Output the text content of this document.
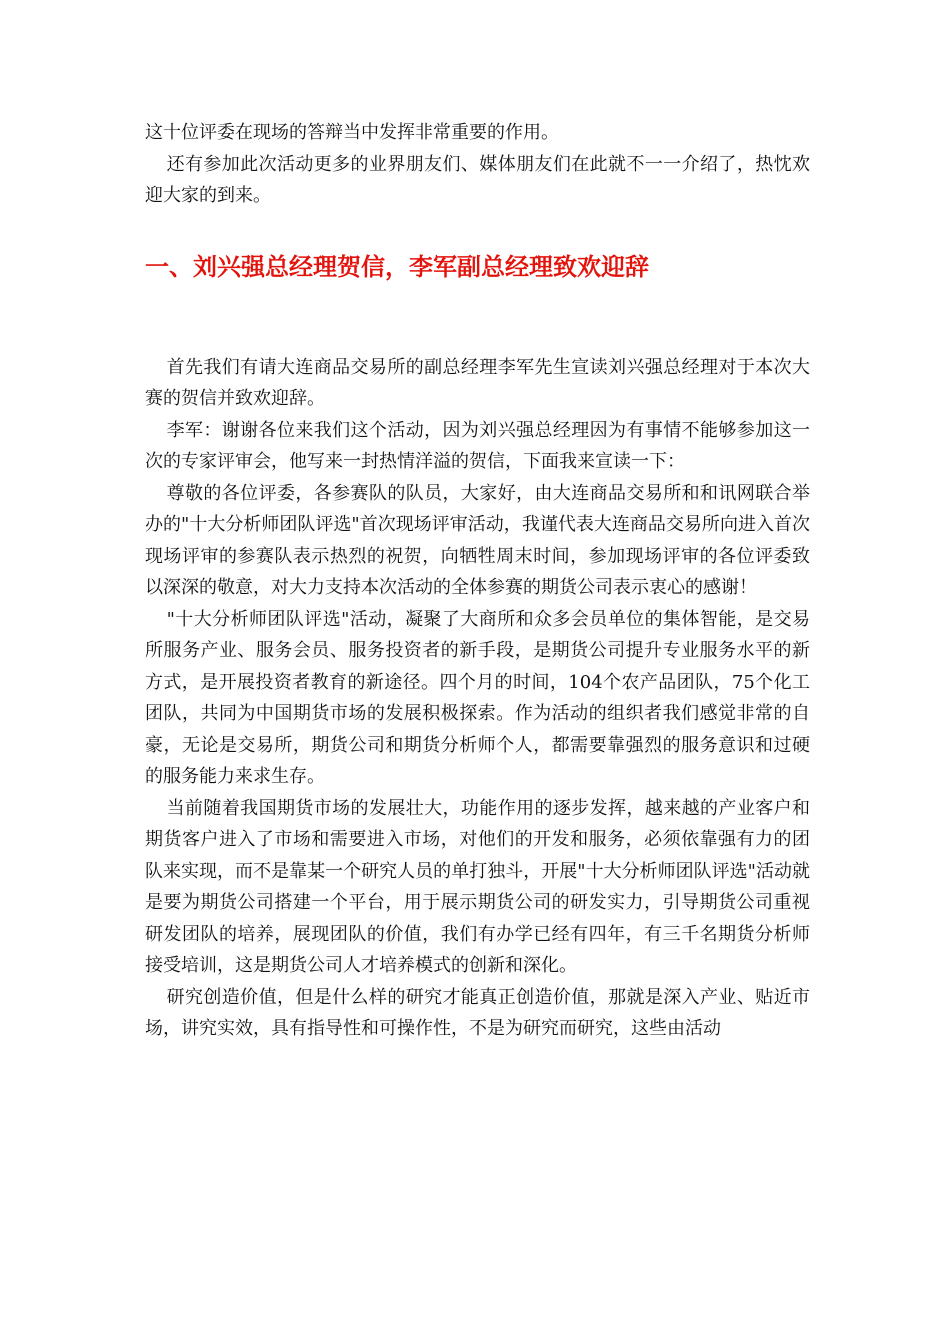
这十位评委在现场的答辩当中发挥非常重要的作用。

还有参加此次活动更多的业界朋友们、媒体朋友们在此就不一一介绍了，热忱欢迎大家的到来。

一、刘兴强总经理贺信，李军副总经理致欢迎辞

首先我们有请大连商品交易所的副总经理李军先生宣读刘兴强总经理对于本次大赛的贺信并致欢迎辞。

李军：谢谢各位来我们这个活动，因为刘兴强总经理因为有事情不能够参加这一次的专家评审会，他写来一封热情洋溢的贺信，下面我来宣读一下：

尊敬的各位评委，各参赛队的队员，大家好，由大连商品交易所和和讯网联合举办的"十大分析师团队评选"首次现场评审活动，我谨代表大连商品交易所向进入首次现场评审的参赛队表示热烈的祝贺，向牺牲周末时间，参加现场评审的各位评委致以深深的敬意，对大力支持本次活动的全体参赛的期货公司表示衷心的感谢！

"十大分析师团队评选"活动，凝聚了大商所和众多会员单位的集体智能，是交易所服务产业、服务会员、服务投资者的新手段，是期货公司提升专业服务水平的新方式，是开展投资者教育的新途径。四个月的时间，104个农产品团队，75个化工团队，共同为中国期货市场的发展积极探索。作为活动的组织者我们感觉非常的自豪，无论是交易所，期货公司和期货分析师个人，都需要靠强烈的服务意识和过硬的服务能力来求生存。

当前随着我国期货市场的发展壮大，功能作用的逐步发挥，越来越的产业客户和期货客户进入了市场和需要进入市场，对他们的开发和服务，必须依靠强有力的团队来实现，而不是靠某一个研究人员的单打独斗，开展"十大分析师团队评选"活动就是要为期货公司搭建一个平台，用于展示期货公司的研发实力，引导期货公司重视研发团队的培养，展现团队的价值，我们有办学已经有四年，有三千名期货分析师接受培训，这是期货公司人才培养模式的创新和深化。

研究创造价值，但是什么样的研究才能真正创造价值，那就是深入产业、贴近市场，讲究实效，具有指导性和可操作性，不是为研究而研究，这些由活动
